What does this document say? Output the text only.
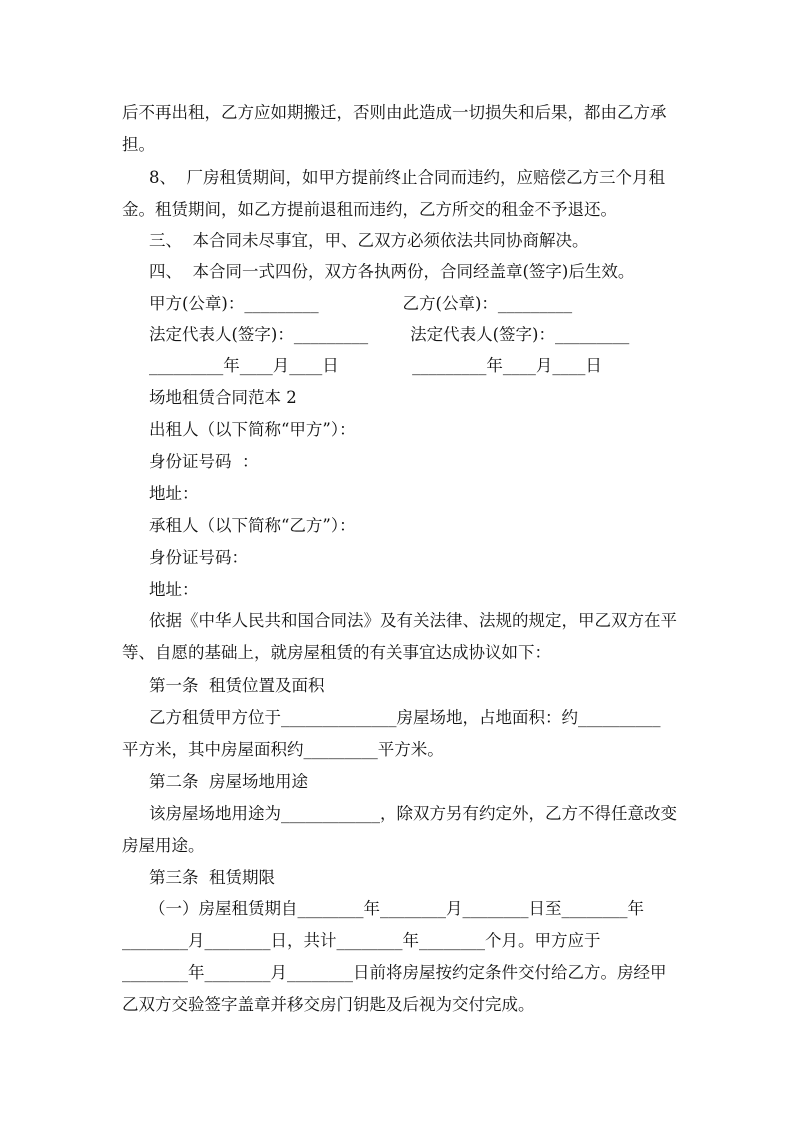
后不再出租，乙方应如期搬迁，否则由此造成一切损失和后果，都由乙方承
担。
8、  厂房租赁期间，如甲方提前终止合同而违约，应赔偿乙方三个月租
金。租赁期间，如乙方提前退租而违约，乙方所交的租金不予退还。
三、  本合同未尽事宜，甲、乙双方必须依法共同协商解决。
四、  本合同一式四份，双方各执两份，合同经盖章(签字)后生效。
甲方(公章)：_________                乙方(公章)：_________
法定代表人(签字)：_________        法定代表人(签字)：_________
_________年____月____日              _________年____月____日
场地租赁合同范本 2
出租人（以下简称“甲方”）：
身份证号码  ：
地址：
承租人（以下简称“乙方”）：
身份证号码：
地址：
依据《中华人民共和国合同法》及有关法律、法规的规定，甲乙双方在平
等、自愿的基础上，就房屋租赁的有关事宜达成协议如下：
第一条  租赁位置及面积
乙方租赁甲方位于______________房屋场地，占地面积：约__________
平方米，其中房屋面积约_________平方米。
第二条  房屋场地用途
该房屋场地用途为____________，除双方另有约定外，乙方不得任意改变
房屋用途。
第三条  租赁期限
（一）房屋租赁期自________年________月________日至________年
________月________日，共计________年________个月。甲方应于
________年________月________日前将房屋按约定条件交付给乙方。房经甲
乙双方交验签字盖章并移交房门钥匙及后视为交付完成。
